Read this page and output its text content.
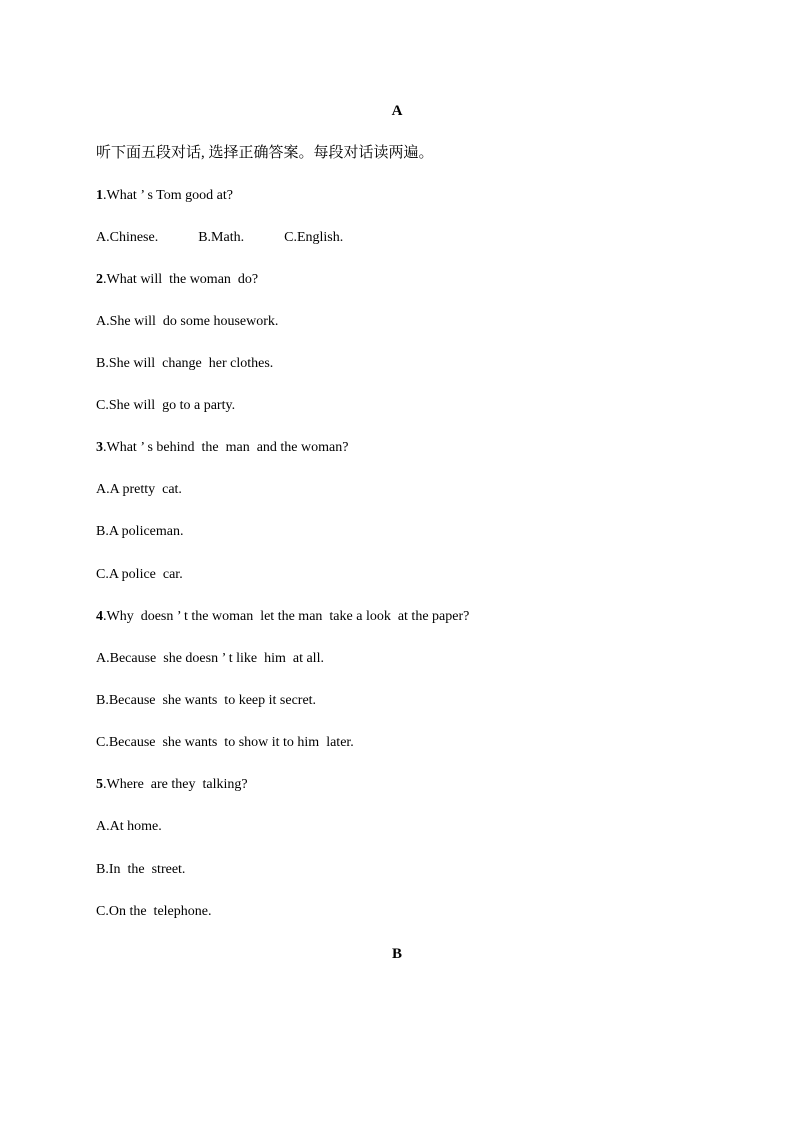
A
听下面五段对话, 选择正确答案。每段对话读两遍。
1.What ’ s Tom good at?
A.Chinese.	B.Math.	C.English.
2.What will  the woman  do?
A.She will  do some housework.
B.She will  change  her clothes.
C.She will  go to a party.
3.What ’ s behind  the  man  and the woman?
A.A pretty  cat.
B.A policeman.
C.A police  car.
4.Why  doesn ’ t the woman  let the man  take a look  at the paper?
A.Because  she doesn ’ t like  him  at all.
B.Because  she wants  to keep it secret.
C.Because  she wants  to show it to him  later.
5.Where  are they  talking?
A.At home.
B.In  the  street.
C.On the  telephone.
B
